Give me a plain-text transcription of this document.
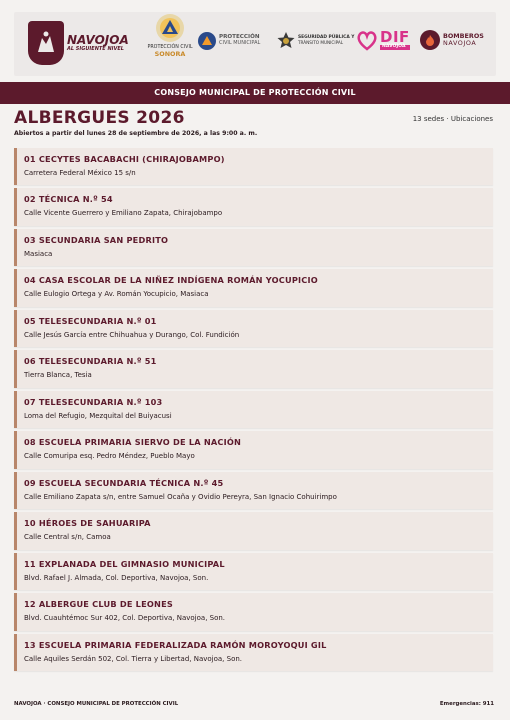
NAVOJOA
AL SIGUIENTE NIVEL	PROTECCIÓN CIVIL
SONORA
PROTECCIÓN
CIVIL MUNICIPAL
SEGURIDAD PÚBLICA Y
TRÁNSITO MUNICIPAL	DIF
NAVOJOA
BOMBEROS
NAVOJOA
CONSEJO MUNICIPAL DE PROTECCIÓN CIVIL
ALBERGUES 2026	13 sedes · Ubicaciones
Abiertos a partir del lunes 28 de septiembre de 2026, a las 9:00 a. m.
01 CECYTES BACABACHI (CHIRAJOBAMPO)
Carretera Federal México 15 s/n
02 TÉCNICA N.º 54
Calle Vicente Guerrero y Emiliano Zapata, Chirajobampo
03 SECUNDARIA SAN PEDRITO
Masiaca
04 CASA ESCOLAR DE LA NIÑEZ INDÍGENA ROMÁN YOCUPICIO
Calle Eulogio Ortega y Av. Román Yocupicio, Masiaca
05 TELESECUNDARIA N.º 01
Calle Jesús García entre Chihuahua y Durango, Col. Fundición
06 TELESECUNDARIA N.º 51
Tierra Blanca, Tesia
07 TELESECUNDARIA N.º 103
Loma del Refugio, Mezquital del Buiyacusi
08 ESCUELA PRIMARIA SIERVO DE LA NACIÓN
Calle Comuripa esq. Pedro Méndez, Pueblo Mayo
09 ESCUELA SECUNDARIA TÉCNICA N.º 45
Calle Emiliano Zapata s/n, entre Samuel Ocaña y Ovidio Pereyra, San Ignacio Cohuirimpo
10 HÉROES DE SAHUARIPA
Calle Central s/n, Camoa
11 EXPLANADA DEL GIMNASIO MUNICIPAL
Blvd. Rafael J. Almada, Col. Deportiva, Navojoa, Son.
12 ALBERGUE CLUB DE LEONES
Blvd. Cuauhtémoc Sur 402, Col. Deportiva, Navojoa, Son.
13 ESCUELA PRIMARIA FEDERALIZADA RAMÓN MOROYOQUI GIL
Calle Aquiles Serdán 502, Col. Tierra y Libertad, Navojoa, Son.
NAVOJOA · CONSEJO MUNICIPAL DE PROTECCIÓN CIVIL	Emergencias: 911
